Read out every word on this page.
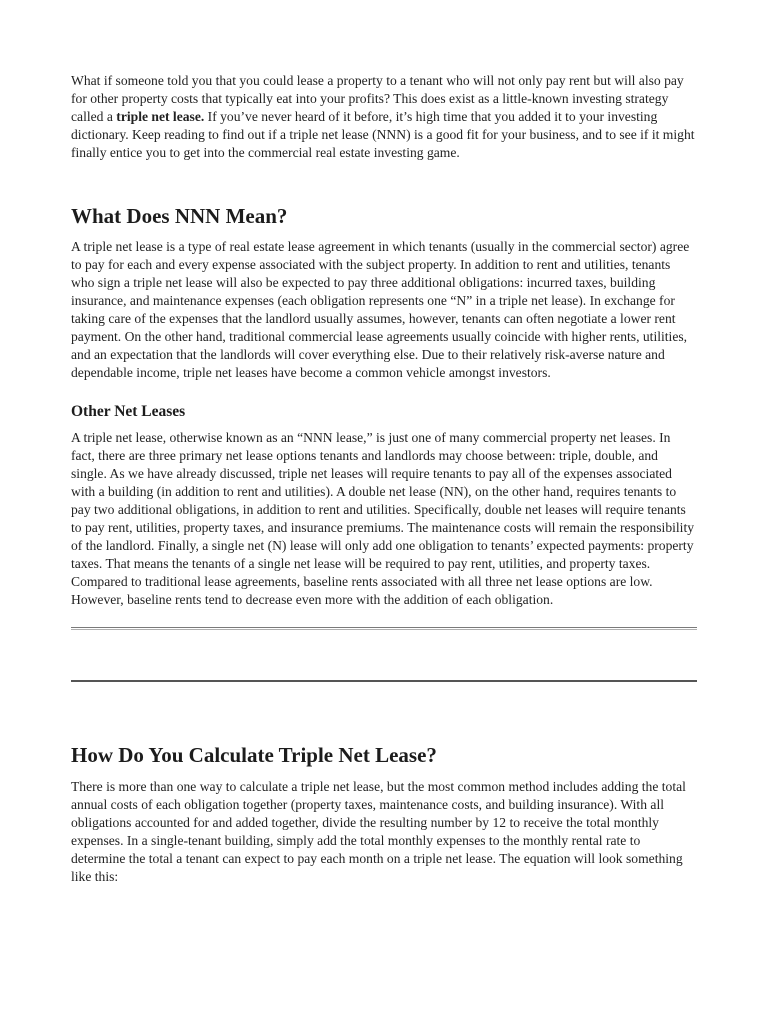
What if someone told you that you could lease a property to a tenant who will not only pay rent but will also pay for other property costs that typically eat into your profits? This does exist as a little-known investing strategy called a triple net lease. If you’ve never heard of it before, it’s high time that you added it to your investing dictionary. Keep reading to find out if a triple net lease (NNN) is a good fit for your business, and to see if it might finally entice you to get into the commercial real estate investing game.

What Does NNN Mean?

A triple net lease is a type of real estate lease agreement in which tenants (usually in the commercial sector) agree to pay for each and every expense associated with the subject property. In addition to rent and utilities, tenants who sign a triple net lease will also be expected to pay three additional obligations: incurred taxes, building insurance, and maintenance expenses (each obligation represents one “N” in a triple net lease). In exchange for taking care of the expenses that the landlord usually assumes, however, tenants can often negotiate a lower rent payment. On the other hand, traditional commercial lease agreements usually coincide with higher rents, utilities, and an expectation that the landlords will cover everything else. Due to their relatively risk-averse nature and dependable income, triple net leases have become a common vehicle amongst investors.

Other Net Leases

A triple net lease, otherwise known as an “NNN lease,” is just one of many commercial property net leases. In fact, there are three primary net lease options tenants and landlords may choose between: triple, double, and single. As we have already discussed, triple net leases will require tenants to pay all of the expenses associated with a building (in addition to rent and utilities). A double net lease (NN), on the other hand, requires tenants to pay two additional obligations, in addition to rent and utilities. Specifically, double net leases will require tenants to pay rent, utilities, property taxes, and insurance premiums. The maintenance costs will remain the responsibility of the landlord. Finally, a single net (N) lease will only add one obligation to tenants’ expected payments: property taxes. That means the tenants of a single net lease will be required to pay rent, utilities, and property taxes. Compared to traditional lease agreements, baseline rents associated with all three net lease options are low. However, baseline rents tend to decrease even more with the addition of each obligation.

How Do You Calculate Triple Net Lease?

There is more than one way to calculate a triple net lease, but the most common method includes adding the total annual costs of each obligation together (property taxes, maintenance costs, and building insurance). With all obligations accounted for and added together, divide the resulting number by 12 to receive the total monthly expenses. In a single-tenant building, simply add the total monthly expenses to the monthly rental rate to determine the total a tenant can expect to pay each month on a triple net lease. The equation will look something like this:
